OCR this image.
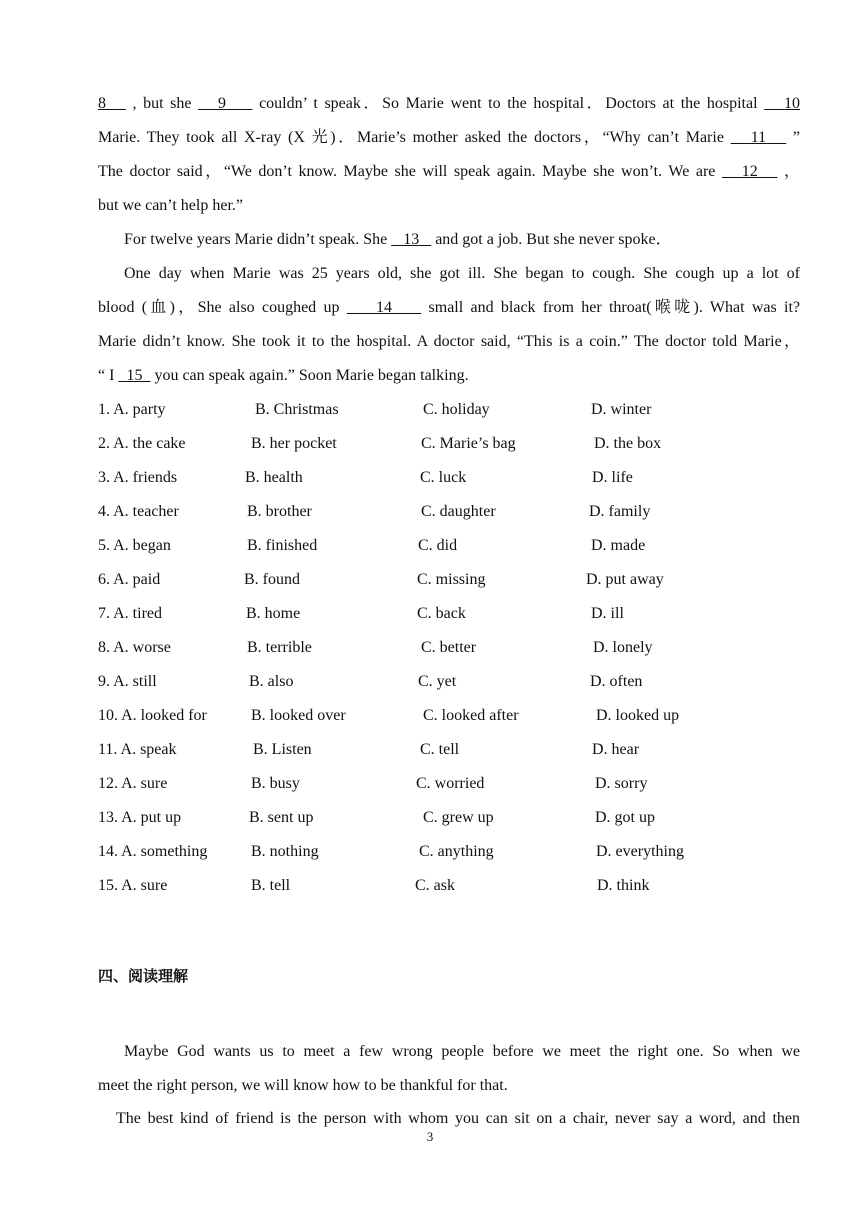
8    , but she    9     couldn’ t speak．So Marie went to the hospital．Doctors at the hospital    10
Marie. They took all X-ray (X 光)．Marie’s mother asked the doctors，“Why can’t Marie    11    ”
The doctor said，“We don’t know. Maybe she will speak again. Maybe she won’t. We are    12    ，
but we can’t help her.”
For twelve years Marie didn’t speak. She    13    and got a job. But she never spoke．
One day when Marie was 25 years old, she got ill. She began to cough. She cough up a lot of
blood (血)，She also coughed up     14     small and black from her throat(喉咙). What was it?
Marie didn’t know. She took it to the hospital. A doctor said, “This is a coin.” The doctor told Marie，
“ I   15   you can speak again.” Soon Marie began talking.
1. A. party	B. Christmas	C. holiday	D. winter
2. A. the cake	B. her pocket	C. Marie’s bag	D. the box
3. A. friends	B. health	C. luck	D. life
4. A. teacher	B. brother	C. daughter	D. family
5. A. began	B. finished	C. did	D. made
6. A. paid	B. found	C. missing	D. put away
7. A. tired	B. home	C. back	D. ill
8. A. worse	B. terrible	C. better	D. lonely
9. A. still	B. also	C. yet	D. often
10. A. looked for	B. looked over	C. looked after	D. looked up
11. A. speak	B. Listen	C. tell	D. hear
12. A. sure	B. busy	C. worried	D. sorry
13. A. put up	B. sent up	C. grew up	D. got up
14. A. something	B. nothing	C. anything	D. everything
15. A. sure	B. tell	C. ask	D. think
四、阅读理解
Maybe God wants us to meet a few wrong people before we meet the right one. So when we
meet the right person, we will know how to be thankful for that.
The best kind of friend is the person with whom you can sit on a chair, never say a word, and then
3
